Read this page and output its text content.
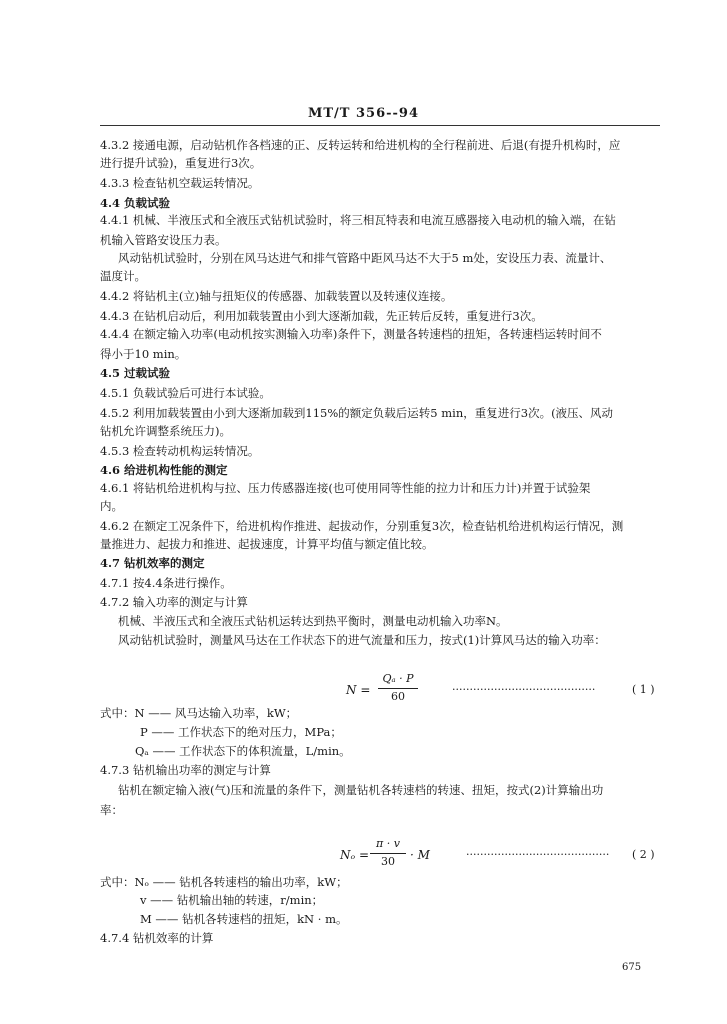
MT/T 356--94
4.3.2 接通电源，启动钻机作各档速的正、反转运转和给进机构的全行程前进、后退(有提升机构时，应
进行提升试验)，重复进行3次。
4.3.3 检查钻机空载运转情况。
4.4 负载试验
4.4.1 机械、半液压式和全液压式钻机试验时，将三相瓦特表和电流互感器接入电动机的输入端，在钻
机输入管路安设压力表。
风动钻机试验时，分别在风马达进气和排气管路中距风马达不大于5 m处，安设压力表、流量计、
温度计。
4.4.2 将钻机主(立)轴与扭矩仪的传感器、加载装置以及转速仪连接。
4.4.3 在钻机启动后，利用加载装置由小到大逐渐加载，先正转后反转，重复进行3次。
4.4.4 在额定输入功率(电动机按实测输入功率)条件下，测量各转速档的扭矩，各转速档运转时间不
得小于10 min。
4.5 过载试验
4.5.1 负载试验后可进行本试验。
4.5.2 利用加载装置由小到大逐渐加载到115%的额定负载后运转5 min，重复进行3次。(液压、风动
钻机允许调整系统压力)。
4.5.3 检查转动机构运转情况。
4.6 给进机构性能的测定
4.6.1 将钻机给进机构与拉、压力传感器连接(也可使用同等性能的拉力计和压力计)并置于试验架
内。
4.6.2 在额定工况条件下，给进机构作推进、起拔动作，分别重复3次，检查钻机给进机构运行情况，测
量推进力、起拔力和推进、起拔速度，计算平均值与额定值比较。
4.7 钻机效率的测定
4.7.1 按4.4条进行操作。
4.7.2 输入功率的测定与计算
机械、半液压式和全液压式钻机运转达到热平衡时，测量电动机输入功率N。
风动钻机试验时，测量风马达在工作状态下的进气流量和压力，按式(1)计算风马达的输入功率：
N =
Qₐ · P
60
·········································	( 1 )
式中：N —— 风马达输入功率，kW；
P —— 工作状态下的绝对压力，MPa；
Qₐ —— 工作状态下的体积流量，L/min。
4.7.3 钻机输出功率的测定与计算
钻机在额定输入液(气)压和流量的条件下，测量钻机各转速档的转速、扭矩，按式(2)计算输出功
率：
Nₒ =
π · v
30	· M	········································· ( 2 )
式中：Nₒ —— 钻机各转速档的输出功率，kW；
v —— 钻机输出轴的转速，r/min；
M —— 钻机各转速档的扭矩，kN · m。
4.7.4 钻机效率的计算
675
